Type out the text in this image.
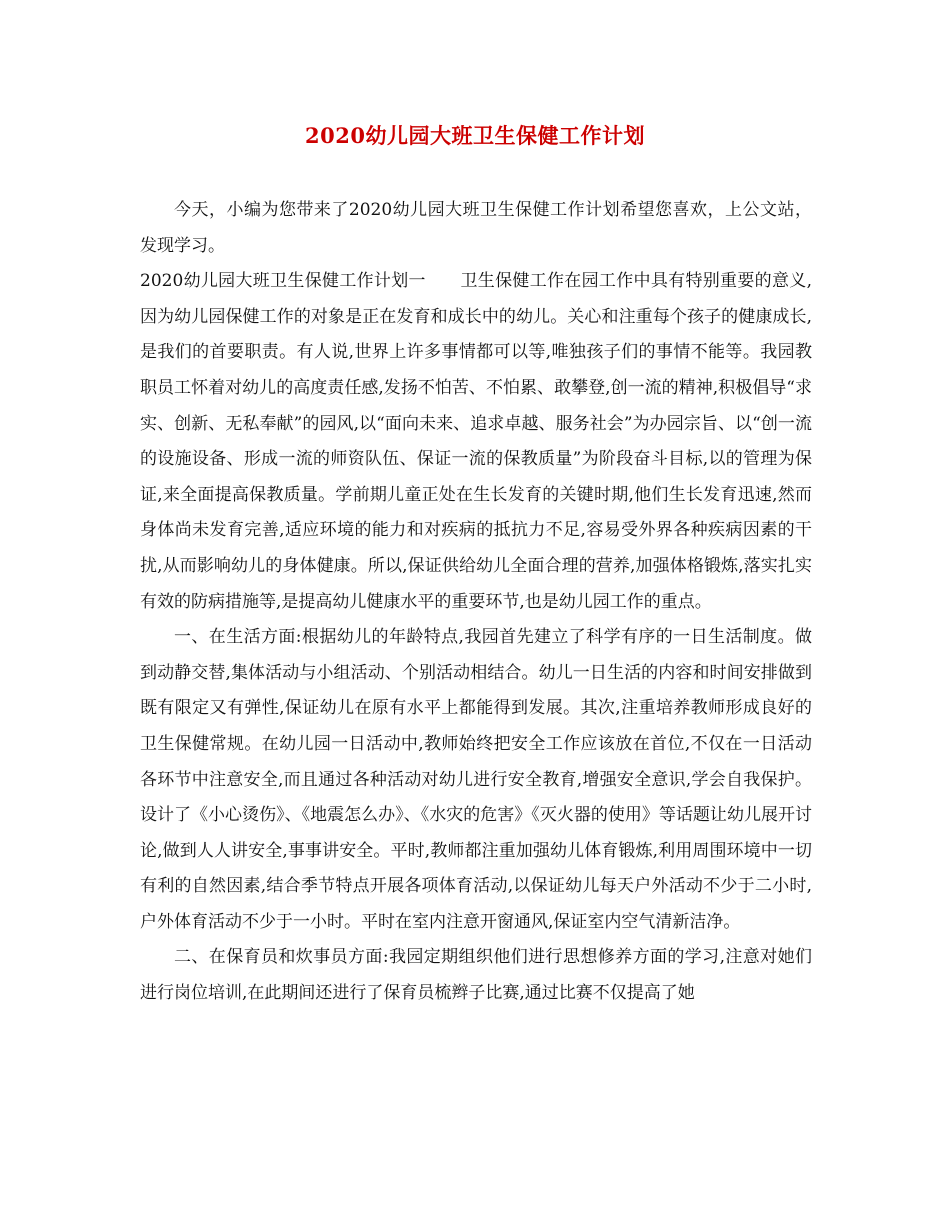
2020幼儿园大班卫生保健工作计划

今天，小编为您带来了2020幼儿园大班卫生保健工作计划希望您喜欢，上公文站，发现学习。

2020幼儿园大班卫生保健工作计划一　　卫生保健工作在园工作中具有特别重要的意义,因为幼儿园保健工作的对象是正在发育和成长中的幼儿。关心和注重每个孩子的健康成长,是我们的首要职责。有人说,世界上许多事情都可以等,唯独孩子们的事情不能等。我园教职员工怀着对幼儿的高度责任感,发扬不怕苦、不怕累、敢攀登,创一流的精神,积极倡导“求实、创新、无私奉献”的园风,以“面向未来、追求卓越、服务社会”为办园宗旨、以“创一流的设施设备、形成一流的师资队伍、保证一流的保教质量”为阶段奋斗目标,以的管理为保证,来全面提高保教质量。学前期儿童正处在生长发育的关键时期,他们生长发育迅速,然而身体尚未发育完善,适应环境的能力和对疾病的抵抗力不足,容易受外界各种疾病因素的干扰,从而影响幼儿的身体健康。所以,保证供给幼儿全面合理的营养,加强体格锻炼,落实扎实有效的防病措施等,是提高幼儿健康水平的重要环节,也是幼儿园工作的重点。

一、在生活方面:根据幼儿的年龄特点,我园首先建立了科学有序的一日生活制度。做到动静交替,集体活动与小组活动、个别活动相结合。幼儿一日生活的内容和时间安排做到既有限定又有弹性,保证幼儿在原有水平上都能得到发展。其次,注重培养教师形成良好的卫生保健常规。在幼儿园一日活动中,教师始终把安全工作应该放在首位,不仅在一日活动各环节中注意安全,而且通过各种活动对幼儿进行安全教育,增强安全意识,学会自我保护。设计了《小心烫伤》、《地震怎么办》、《水灾的危害》《灭火器的使用》等话题让幼儿展开讨论,做到人人讲安全,事事讲安全。平时,教师都注重加强幼儿体育锻炼,利用周围环境中一切有利的自然因素,结合季节特点开展各项体育活动,以保证幼儿每天户外活动不少于二小时,户外体育活动不少于一小时。平时在室内注意开窗通风,保证室内空气清新洁净。

二、在保育员和炊事员方面:我园定期组织他们进行思想修养方面的学习,注意对她们进行岗位培训,在此期间还进行了保育员梳辫子比赛,通过比赛不仅提高了她
